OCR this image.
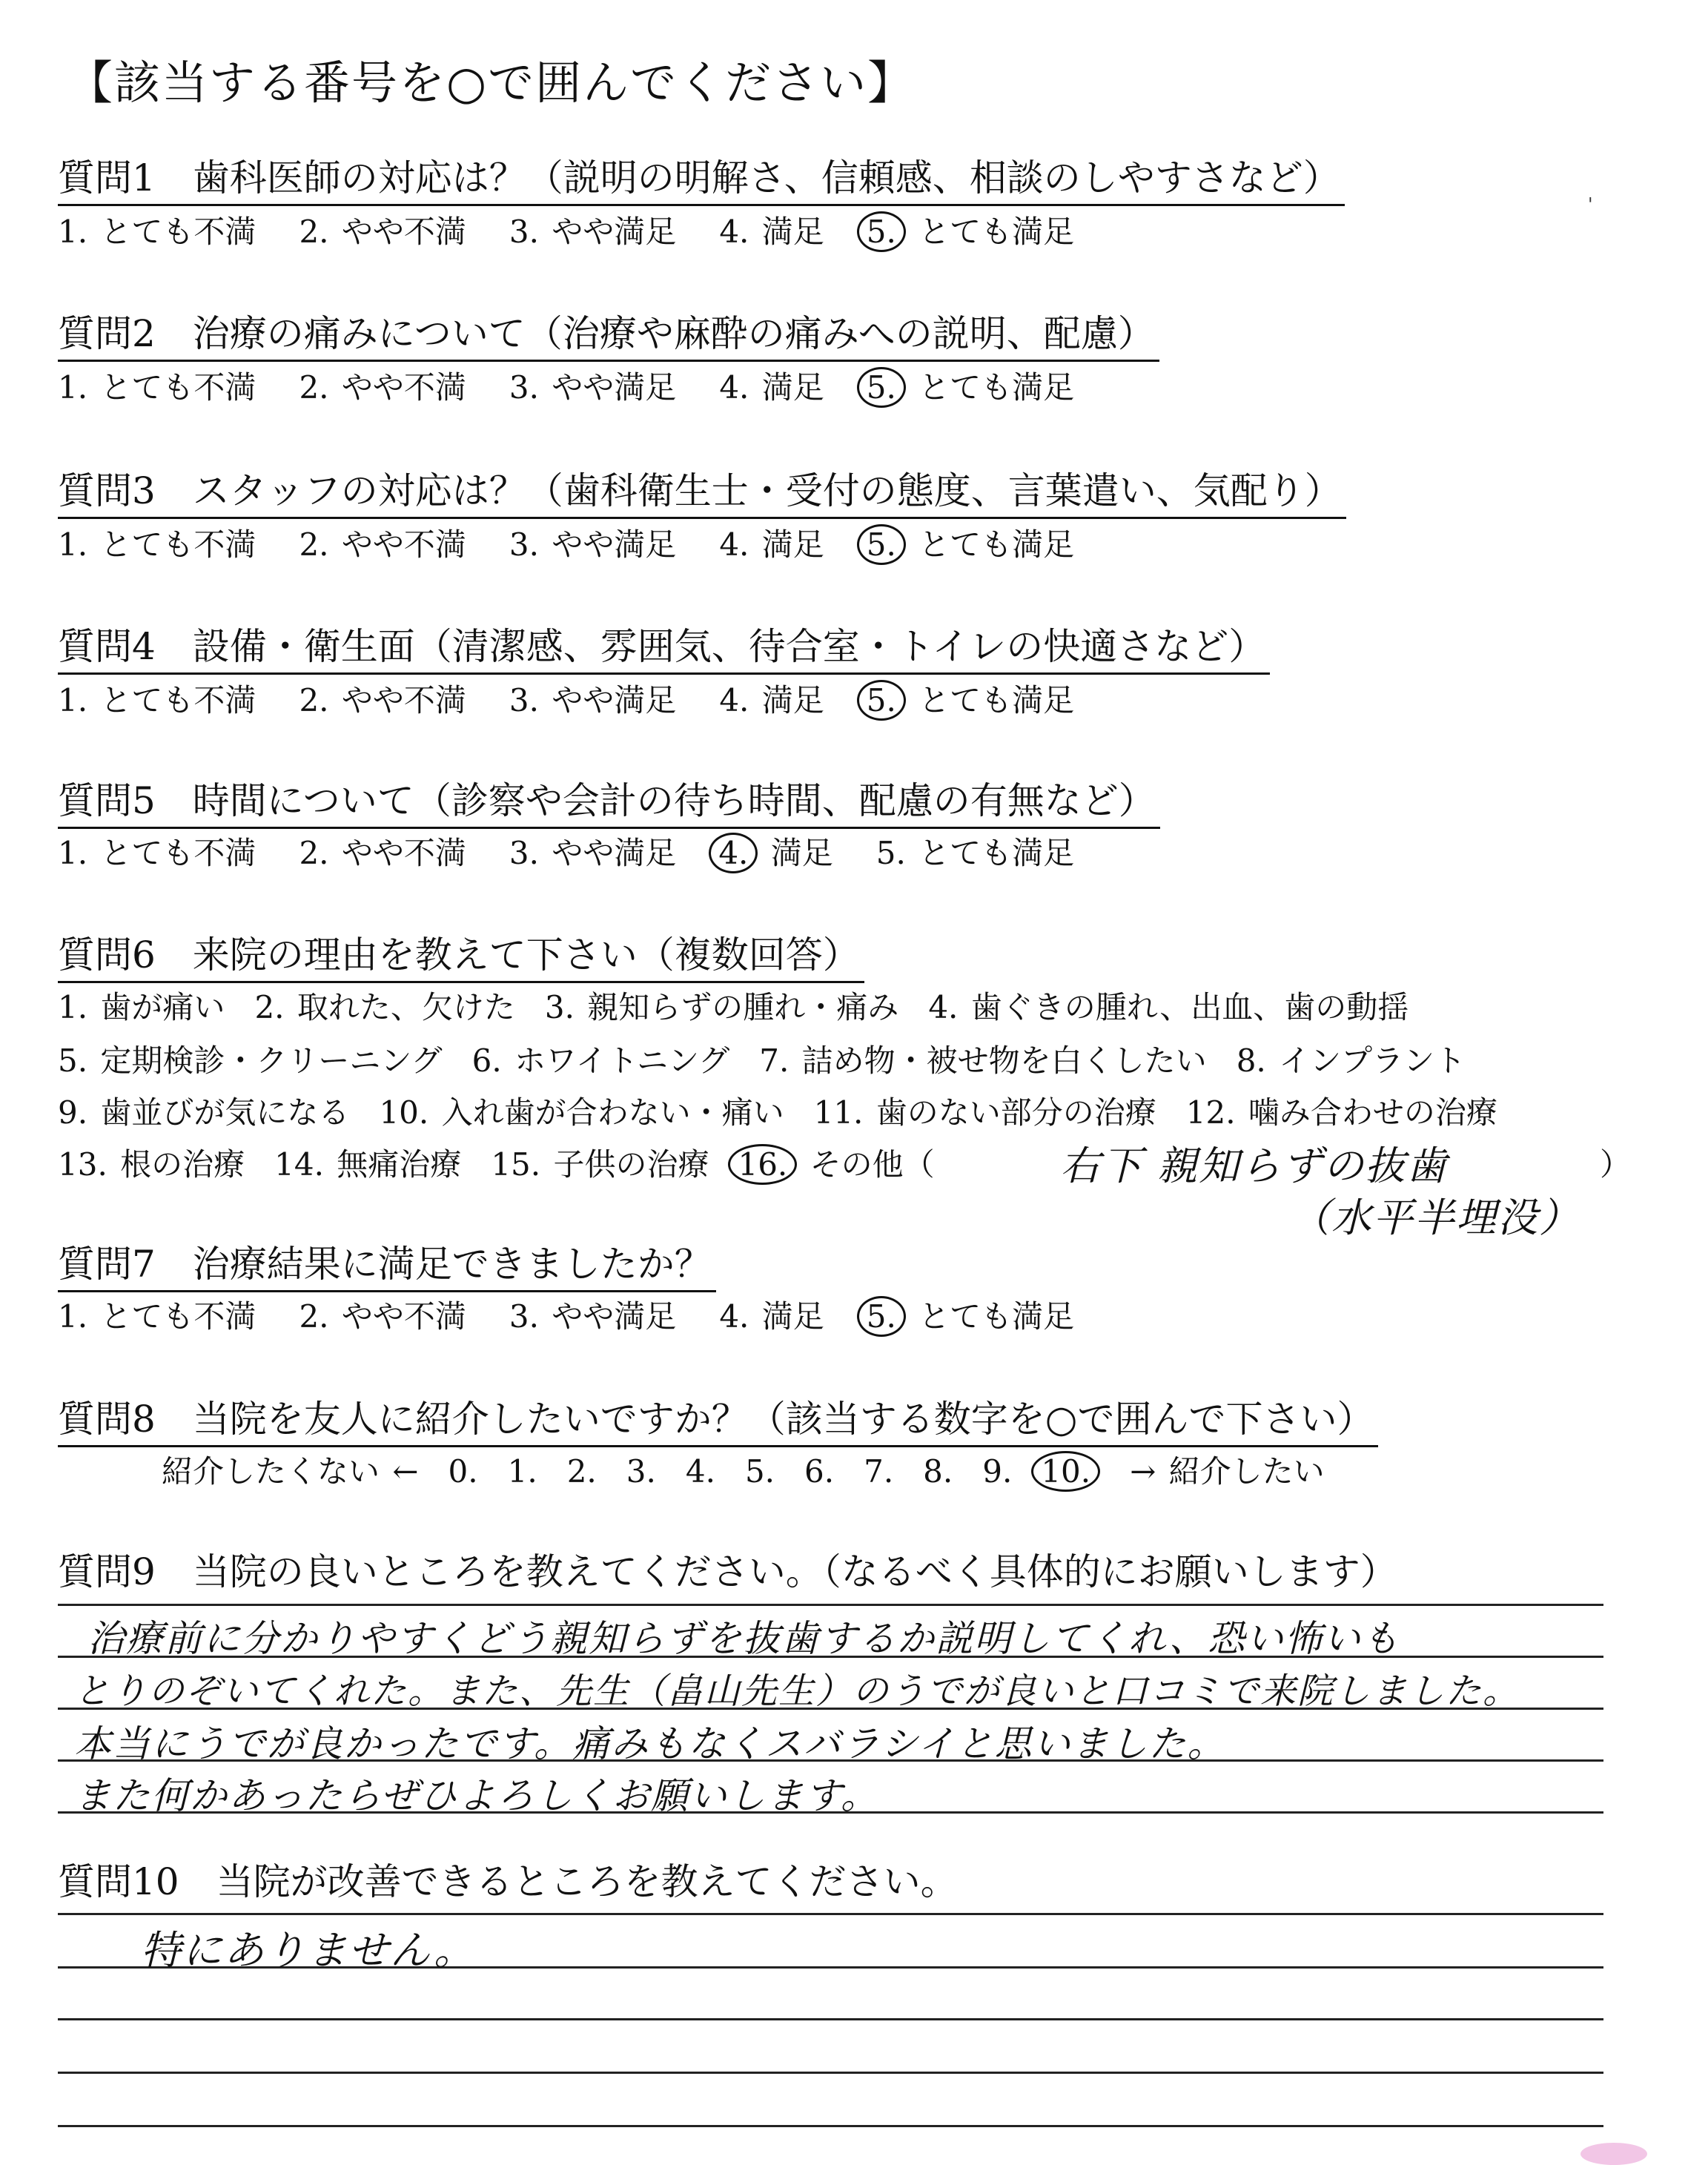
【該当する番号を○で囲んでください】
'
質問1　歯科医師の対応は？（説明の明解さ、信頼感、相談のしやすさなど）
1. とても不満 2. やや不満 3. やや満足 4. 満足 5. とても満足
質問2　治療の痛みについて（治療や麻酔の痛みへの説明、配慮）
1. とても不満 2. やや不満 3. やや満足 4. 満足 5. とても満足
質問3　スタッフの対応は？（歯科衛生士・受付の態度、言葉遣い、気配り）
1. とても不満 2. やや不満 3. やや満足 4. 満足 5. とても満足
質問4　設備・衛生面（清潔感、雰囲気、待合室・トイレの快適さなど）
1. とても不満 2. やや不満 3. やや満足 4. 満足 5. とても満足
質問5　時間について（診察や会計の待ち時間、配慮の有無など）
1. とても不満 2. やや不満 3. やや満足 4. 満足 5. とても満足
質問6　来院の理由を教えて下さい（複数回答）
1. 歯が痛い 2. 取れた、欠けた 3. 親知らずの腫れ・痛み 4. 歯ぐきの腫れ、出血、歯の動揺
5. 定期検診・クリーニング 6. ホワイトニング 7. 詰め物・被せ物を白くしたい 8. インプラント
9. 歯並びが気になる 10. 入れ歯が合わない・痛い 11. 歯のない部分の治療 12. 噛み合わせの治療
13. 根の治療 14. 無痛治療 15. 子供の治療 16. その他（	）
右下 親知らずの抜歯
（水平半埋没）
質問7　治療結果に満足できましたか？
1. とても不満 2. やや不満 3. やや満足 4. 満足 5. とても満足
質問8　当院を友人に紹介したいですか？（該当する数字を○で囲んで下さい）
紹介したくない ← 0. 1. 2. 3. 4. 5. 6. 7. 8. 9. 10. → 紹介したい
質問9　当院の良いところを教えてください。（なるべく具体的にお願いします）
治療前に分かりやすくどう親知らずを抜歯するか説明してくれ、恐い怖いも
とりのぞいてくれた。また、先生（畠山先生）のうでが良いと口コミで来院しました。
本当にうでが良かったです。痛みもなくスバラシイと思いました。
また何かあったらぜひよろしくお願いします。
質問10　当院が改善できるところを教えてください。
特にありません。
